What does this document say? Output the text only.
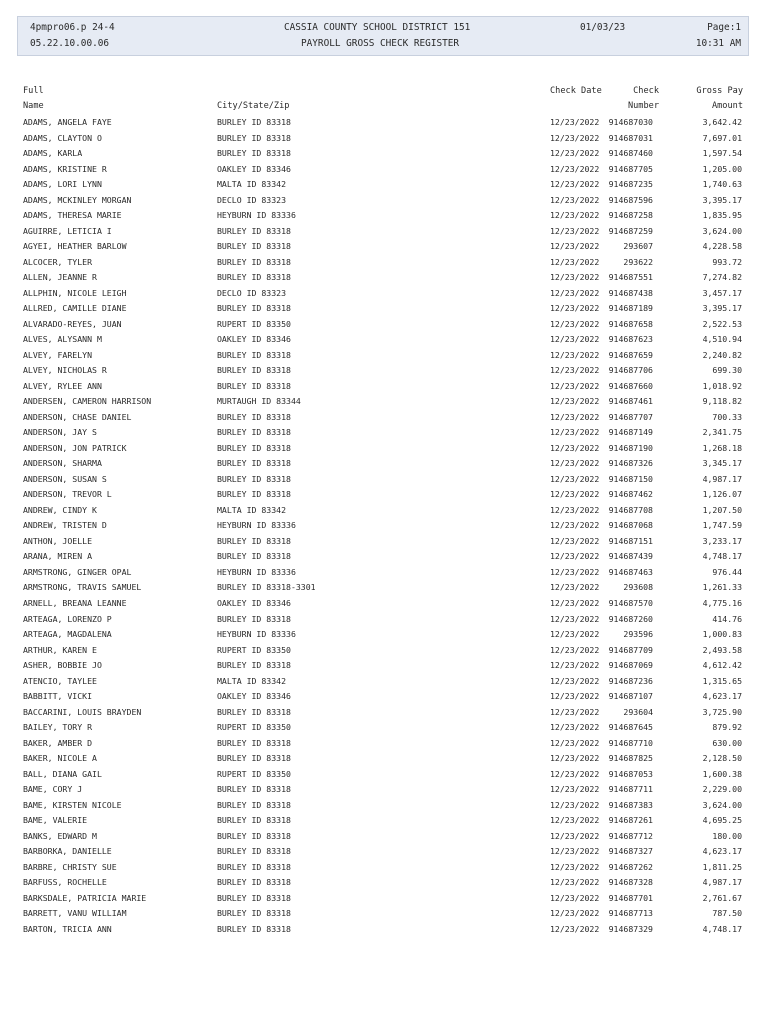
4pmpro06.p 24-4
05.22.10.00.06
CASSIA COUNTY SCHOOL DISTRICT 151
PAYROLL GROSS CHECK REGISTER
01/03/23	Page:1
10:31 AM
Full
Name	City/State/Zip
Check Date	Check
Number
Gross Pay
Amount
ADAMS, ANGELA FAYE	BURLEY ID 83318	12/23/2022 914687030	3,642.42
ADAMS, CLAYTON O	BURLEY ID 83318	12/23/2022 914687031	7,697.01
ADAMS, KARLA	BURLEY ID 83318	12/23/2022 914687460	1,597.54
ADAMS, KRISTINE R	OAKLEY ID 83346	12/23/2022 914687705	1,205.00
ADAMS, LORI LYNN	MALTA ID 83342	12/23/2022 914687235	1,740.63
ADAMS, MCKINLEY MORGAN	DECLO ID 83323	12/23/2022 914687596	3,395.17
ADAMS, THERESA MARIE	HEYBURN ID 83336	12/23/2022 914687258	1,835.95
AGUIRRE, LETICIA I	BURLEY ID 83318	12/23/2022 914687259	3,624.00
AGYEI, HEATHER BARLOW	BURLEY ID 83318	12/23/2022	293607	4,228.58
ALCOCER, TYLER	BURLEY ID 83318	12/23/2022	293622	993.72
ALLEN, JEANNE R	BURLEY ID 83318	12/23/2022 914687551	7,274.82
ALLPHIN, NICOLE LEIGH	DECLO ID 83323	12/23/2022 914687438	3,457.17
ALLRED, CAMILLE DIANE	BURLEY ID 83318	12/23/2022 914687189	3,395.17
ALVARADO-REYES, JUAN	RUPERT ID 83350	12/23/2022 914687658	2,522.53
ALVES, ALYSANN M	OAKLEY ID 83346	12/23/2022 914687623	4,510.94
ALVEY, FARELYN	BURLEY ID 83318	12/23/2022 914687659	2,240.82
ALVEY, NICHOLAS R	BURLEY ID 83318	12/23/2022 914687706	699.30
ALVEY, RYLEE ANN	BURLEY ID 83318	12/23/2022 914687660	1,018.92
ANDERSEN, CAMERON HARRISON	MURTAUGH ID 83344	12/23/2022 914687461	9,118.82
ANDERSON, CHASE DANIEL	BURLEY ID 83318	12/23/2022 914687707	700.33
ANDERSON, JAY S	BURLEY ID 83318	12/23/2022 914687149	2,341.75
ANDERSON, JON PATRICK	BURLEY ID 83318	12/23/2022 914687190	1,268.18
ANDERSON, SHARMA	BURLEY ID 83318	12/23/2022 914687326	3,345.17
ANDERSON, SUSAN S	BURLEY ID 83318	12/23/2022 914687150	4,987.17
ANDERSON, TREVOR L	BURLEY ID 83318	12/23/2022 914687462	1,126.07
ANDREW, CINDY K	MALTA ID 83342	12/23/2022 914687708	1,207.50
ANDREW, TRISTEN D	HEYBURN ID 83336	12/23/2022 914687068	1,747.59
ANTHON, JOELLE	BURLEY ID 83318	12/23/2022 914687151	3,233.17
ARANA, MIREN A	BURLEY ID 83318	12/23/2022 914687439	4,748.17
ARMSTRONG, GINGER OPAL	HEYBURN ID 83336	12/23/2022 914687463	976.44
ARMSTRONG, TRAVIS SAMUEL	BURLEY ID 83318-3301	12/23/2022	293608	1,261.33
ARNELL, BREANA LEANNE	OAKLEY ID 83346	12/23/2022 914687570	4,775.16
ARTEAGA, LORENZO P	BURLEY ID 83318	12/23/2022 914687260	414.76
ARTEAGA, MAGDALENA	HEYBURN ID 83336	12/23/2022	293596	1,000.83
ARTHUR, KAREN E	RUPERT ID 83350	12/23/2022 914687709	2,493.58
ASHER, BOBBIE JO	BURLEY ID 83318	12/23/2022 914687069	4,612.42
ATENCIO, TAYLEE	MALTA ID 83342	12/23/2022 914687236	1,315.65
BABBITT, VICKI	OAKLEY ID 83346	12/23/2022 914687107	4,623.17
BACCARINI, LOUIS BRAYDEN	BURLEY ID 83318	12/23/2022	293604	3,725.90
BAILEY, TORY R	RUPERT ID 83350	12/23/2022 914687645	879.92
BAKER, AMBER D	BURLEY ID 83318	12/23/2022 914687710	630.00
BAKER, NICOLE A	BURLEY ID 83318	12/23/2022 914687825	2,128.50
BALL, DIANA GAIL	RUPERT ID 83350	12/23/2022 914687053	1,600.38
BAME, CORY J	BURLEY ID 83318	12/23/2022 914687711	2,229.00
BAME, KIRSTEN NICOLE	BURLEY ID 83318	12/23/2022 914687383	3,624.00
BAME, VALERIE	BURLEY ID 83318	12/23/2022 914687261	4,695.25
BANKS, EDWARD M	BURLEY ID 83318	12/23/2022 914687712	180.00
BARBORKA, DANIELLE	BURLEY ID 83318	12/23/2022 914687327	4,623.17
BARBRE, CHRISTY SUE	BURLEY ID 83318	12/23/2022 914687262	1,811.25
BARFUSS, ROCHELLE	BURLEY ID 83318	12/23/2022 914687328	4,987.17
BARKSDALE, PATRICIA MARIE	BURLEY ID 83318	12/23/2022 914687701	2,761.67
BARRETT, VANU WILLIAM	BURLEY ID 83318	12/23/2022 914687713	787.50
BARTON, TRICIA ANN	BURLEY ID 83318	12/23/2022 914687329	4,748.17
